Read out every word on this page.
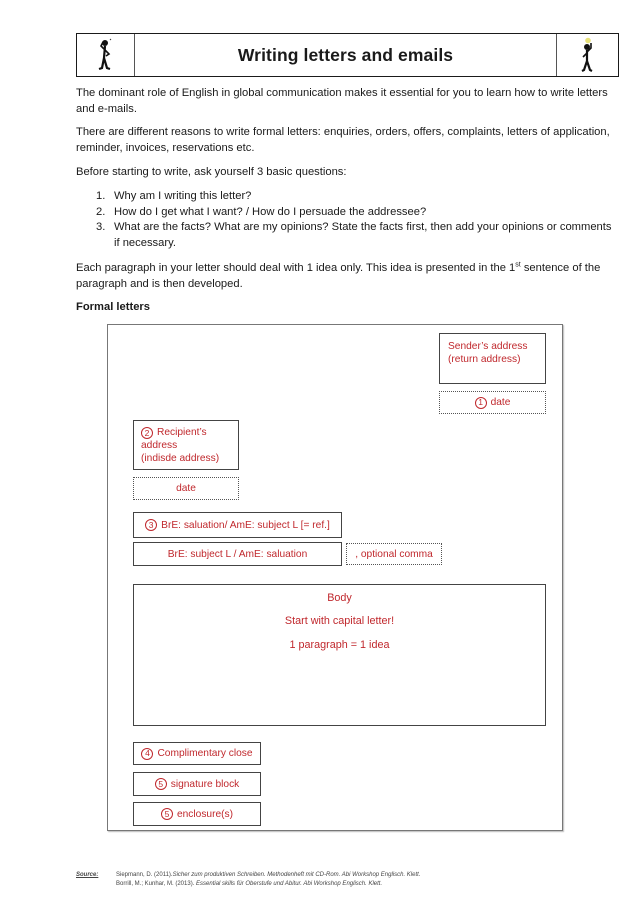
Writing letters and emails

The dominant role of English in global communication makes it essential for you to learn how to write letters and e-mails.

There are different reasons to write formal letters: enquiries, orders, offers, complaints, letters of application, reminder, invoices, reservations etc.

Before starting to write, ask yourself 3 basic questions:

1. Why am I writing this letter?
2. How do I get what I want? / How do I persuade the addressee?
3. What are the facts? What are my opinions? State the facts first, then add your opinions or comments if necessary.

Each paragraph in your letter should deal with 1 idea only. This idea is presented in the 1st sentence of the paragraph and is then developed.

Formal letters
Sender’s address
(return address)
1 date
2 Recipient’s
address
(indisde address)
date
3 BrE: saluation/ AmE: subject L [= ref.]
BrE: subject L / AmE: saluation	, optional comma
Body
Start with capital letter!
1 paragraph = 1 idea
4 Complimentary close
5 signature block
5 enclosure(s)
Source:	Siepmann, D. (2011).Sicher zum produktiven Schreiben. Methodenheft mit CD-Rom. Abi Workshop Englisch. Klett.
Borrill, M.; Kunhar, M. (2013). Essential skills für Oberstufe und Abitur. Abi Workshop Englisch. Klett.
